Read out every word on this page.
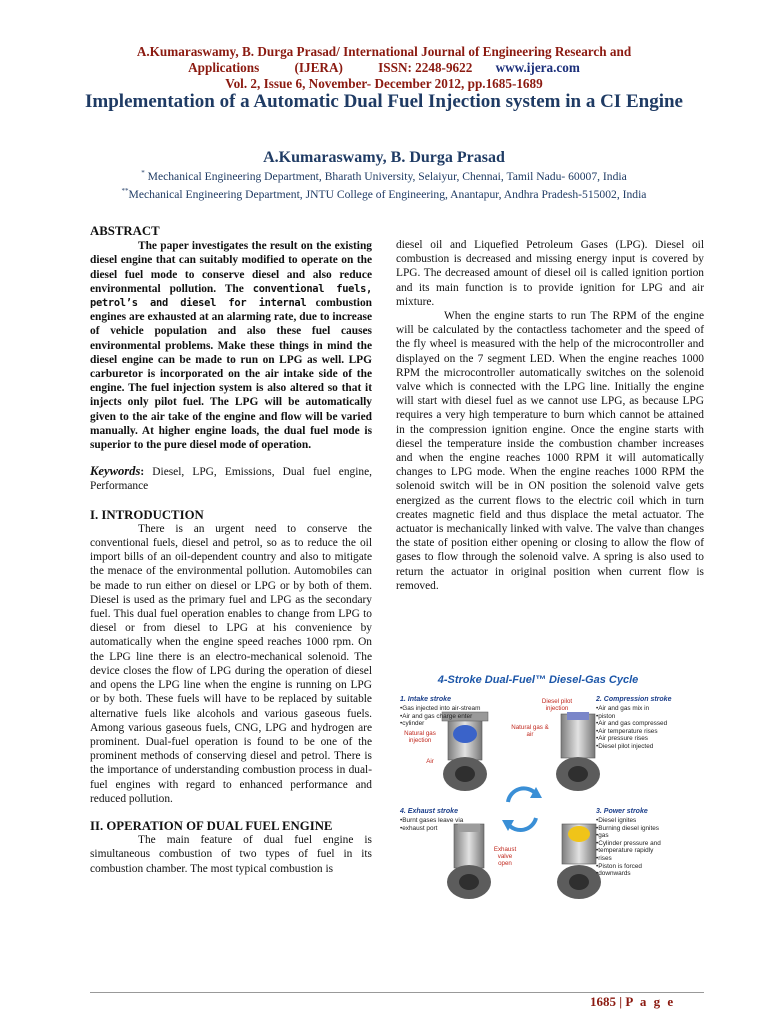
A.Kumaraswamy, B. Durga Prasad/ International Journal of Engineering Research and
Applications	(IJERA)	ISSN: 2248-9622 www.ijera.com
Vol. 2, Issue 6, November- December 2012, pp.1685-1689
Implementation of a Automatic Dual Fuel Injection system in a CI Engine
A.Kumaraswamy, B. Durga Prasad
* Mechanical Engineering Department, Bharath University, Selaiyur, Chennai, Tamil Nadu- 60007, India
**Mechanical Engineering Department, JNTU College of Engineering, Anantapur, Andhra Pradesh-515002, India

ABSTRACT

The paper investigates the result on the existing diesel engine that can suitably modified to operate on the diesel fuel mode to conserve diesel and also reduce environmental pollution. The conventional fuels, petrol’s and diesel for internal combustion engines are exhausted at an alarming rate, due to increase of vehicle population and also these fuel causes environmental problems. Make these things in mind the diesel engine can be made to run on LPG as well. LPG carburetor is incorporated on the air intake side of the engine. The fuel injection system is also altered so that it injects only pilot fuel. The LPG will be automatically given to the air take of the engine and flow will be varied manually. At higher engine loads, the dual fuel mode is superior to the pure diesel mode of operation.

Keywords: Diesel, LPG, Emissions, Dual fuel engine, Performance

I. INTRODUCTION

There is an urgent need to conserve the conventional fuels, diesel and petrol, so as to reduce the oil import bills of an oil-dependent country and also to mitigate the menace of the environmental pollution. Automobiles can be made to run either on diesel or LPG or by both of them. Diesel is used as the primary fuel and LPG as the secondary fuel. This dual fuel operation enables to change from LPG to diesel or from diesel to LPG at his convenience by automatically when the engine speed reaches 1000 rpm. On the LPG line there is an electro-mechanical solenoid. The device closes the flow of LPG during the operation of diesel and opens the LPG line when the engine is running on LPG or by both. These fuels will have to be replaced by suitable alternative fuels like alcohols and various gaseous fuels. Among various gaseous fuels, CNG, LPG and hydrogen are prominent. Dual-fuel operation is found to be one of the prominent methods of conserving diesel and petrol. There is the importance of understanding combustion process in dual-fuel engines with regard to enhanced performance and reduced pollution.

II. OPERATION OF DUAL FUEL ENGINE

The main feature of dual fuel engine is simultaneous combustion of two types of fuel in its combustion chamber. The most typical combustion is

diesel oil and Liquefied Petroleum Gases (LPG). Diesel oil combustion is decreased and missing energy input is covered by LPG. The decreased amount of diesel oil is called ignition portion and its main function is to provide ignition for LPG and air mixture.

When the engine starts to run The RPM of the engine will be calculated by the contactless tachometer and the speed of the fly wheel is measured with the help of the microcontroller and displayed on the 7 segment LED. When the engine reaches 1000 RPM the microcontroller automatically switches on the solenoid valve which is connected with the LPG line. Initially the engine will start with diesel fuel as we cannot use LPG, as because LPG requires a very high temperature to burn which cannot be attained in the compression ignition engine. Once the engine starts with diesel the temperature inside the combustion chamber increases and when the engine reaches 1000 RPM it will automatically changes to LPG mode. When the engine reaches 1000 RPM the solenoid switch will be in ON position the solenoid valve gets energized as the current flows to the electric coil which in turn creates magnetic field and thus displace the metal actuator. The actuator is mechanically linked with valve. The valve than changes the state of position either opening or closing to allow the flow of gases to flow through the solenoid valve. A spring is also used to return the actuator in original position when current flow is removed.

4-Stroke Dual-Fuel™ Diesel-Gas Cycle
1. Intake stroke
• Gas injected into air-stream
• Air and gas charge enter
• cylinder
Natural gas injection
Air
2. Compression stroke
• Air and gas mix in
• piston
• Air and gas compressed
• Air temperature rises
• Air pressure rises
• Diesel pilot injected
Diesel pilot injection
Natural gas & air
4. Exhaust stroke
• Burnt gases leave via
• exhaust port
Exhaust valve open
3. Power stroke
• Diesel ignites
• Burning diesel ignites
• gas
• Cylinder pressure and
• temperature rapidly
• rises
• Piston is forced
• downwards
1685 | P a g e
